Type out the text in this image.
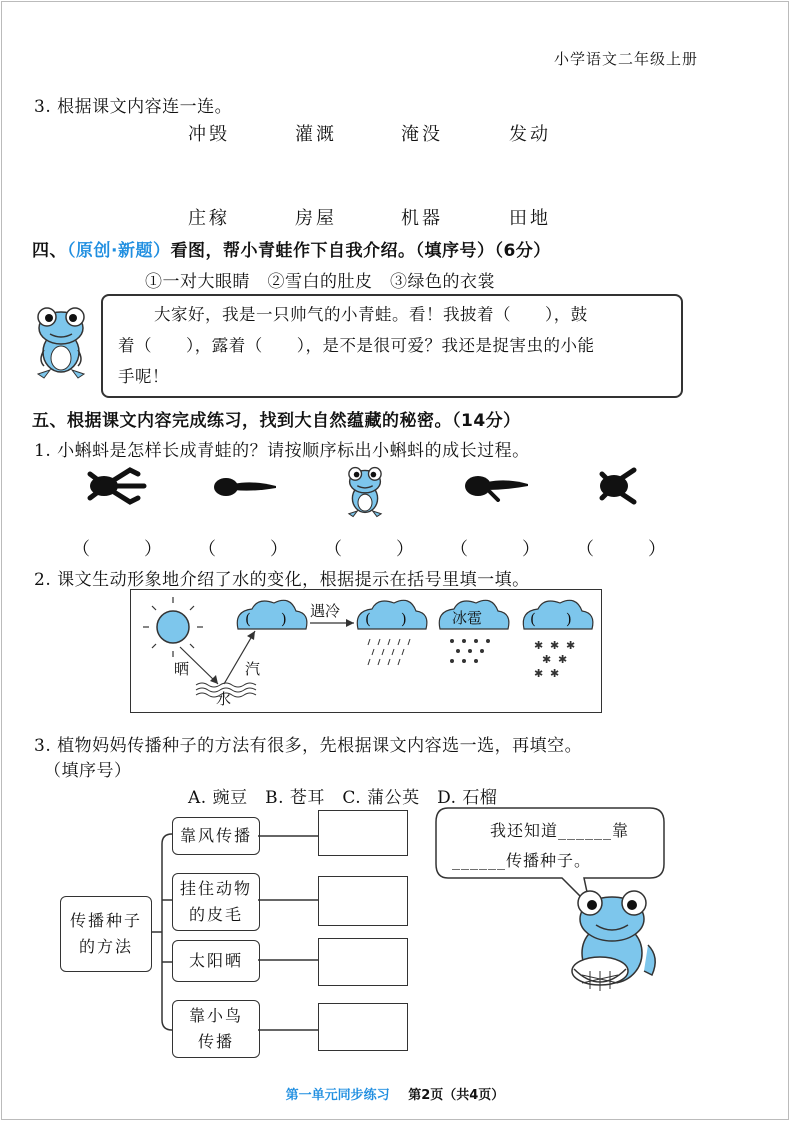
小学语文二年级上册
3. 根据课文内容连一连。
冲毁	灌溉	淹没	发动
庄稼	房屋	机器	田地
四、（原创·新题）看图，帮小青蛙作下自我介绍。（填序号）（6分）
①一对大眼睛　②雪白的肚皮　③绿色的衣裳
大家好，我是一只帅气的小青蛙。看！我披着（　　），鼓
着（　　），露着（　　），是不是很可爱？我还是捉害虫的小能
手呢！
五、根据课文内容完成练习，找到大自然蕴藏的秘密。（14分）
1. 小蝌蚪是怎样长成青蛙的？请按顺序标出小蝌蚪的成长过程。
（　　　） （　　　） （　　　） （　　　） （　　　）
2. 课文生动形象地介绍了水的变化，根据提示在括号里填一填。
✱ ✱ ✱
✱ ✱
✱ ✱
(　　) 遇冷 (　　)	冰雹	(　　)
晒	汽
水
3. 植物妈妈传播种子的方法有很多，先根据课文内容选一选，再填空。
（填序号）
A. 豌豆　B. 苍耳　C. 蒲公英　D. 石榴
传播种子的方法
靠风传播
挂住动物的皮毛
太阳晒
靠小鸟传播
我还知道______靠
______传播种子。
第一单元同步练习 第2页（共4页）
